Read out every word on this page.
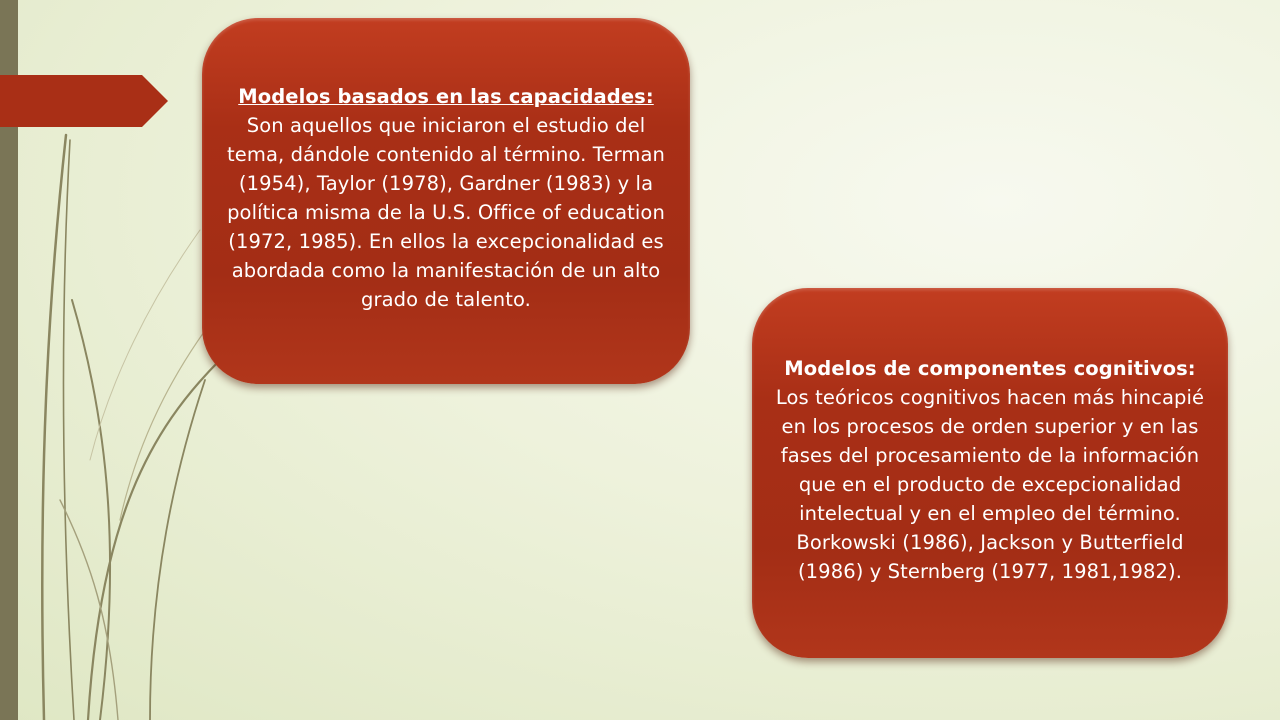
Modelos basados en las capacidades: Son aquellos que iniciaron el estudio del tema, dándole contenido al término. Terman (1954), Taylor (1978), Gardner (1983) y la política misma de la U.S. Office of education (1972, 1985). En ellos la excepcionalidad es abordada como la manifestación de un alto grado de talento.
Modelos de componentes cognitivos:
Los teóricos cognitivos hacen más hincapié en los procesos de orden superior y en las fases del procesamiento de la información que en el producto de excepcionalidad intelectual y en el empleo del término. Borkowski (1986), Jackson y Butterfield (1986) y Sternberg (1977, 1981,1982).
